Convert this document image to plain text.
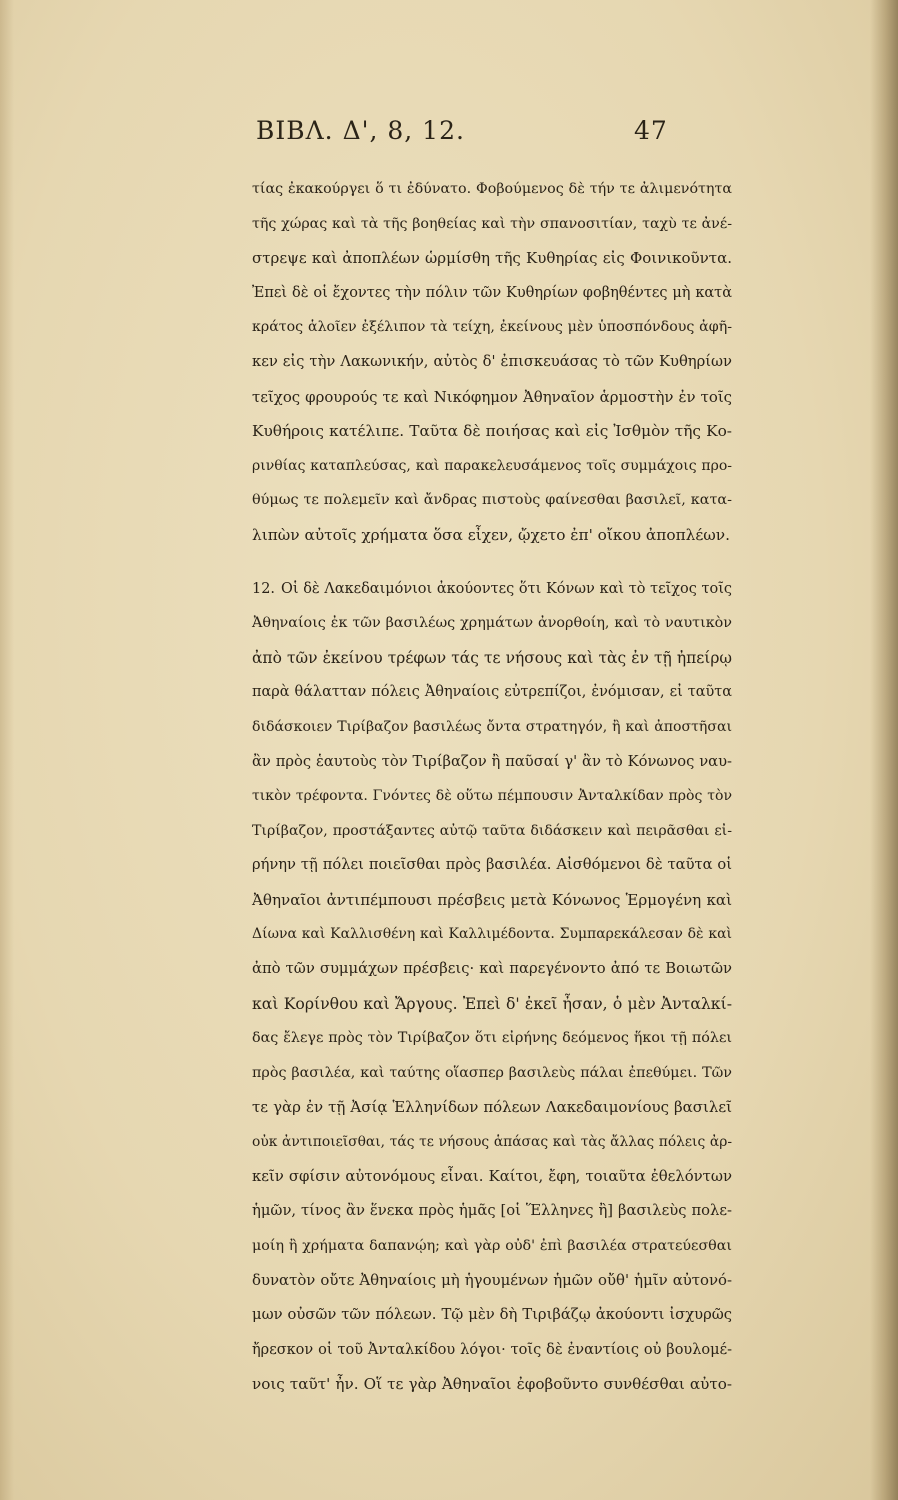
ΒΙΒΛ. Δ', 8, 12.	47
τίας ἐκακούργει ὅ τι ἐδύνατο. Φοβούμενος δὲ τήν τε ἀλιμενότητα
τῆς χώρας καὶ τὰ τῆς βοηθείας καὶ τὴν σπανοσιτίαν, ταχὺ τε ἀνέ-
στρεψε καὶ ἀποπλέων ὡρμίσθη τῆς Κυθηρίας εἰς Φοινικοῦντα.
Ἐπεὶ δὲ οἱ ἔχοντες τὴν πόλιν τῶν Κυθηρίων φοβηθέντες μὴ κατὰ
κράτος ἁλοῖεν ἐξέλιπον τὰ τείχη, ἐκείνους μὲν ὑποσπόνδους ἀφῆ-
κεν εἰς τὴν Λακωνικήν, αὐτὸς δ' ἐπισκευάσας τὸ τῶν Κυθηρίων
τεῖχος φρουρούς τε καὶ Νικόφημον Ἀθηναῖον ἁρμοστὴν ἐν τοῖς
Κυθήροις κατέλιπε. Ταῦτα δὲ ποιήσας καὶ εἰς Ἰσθμὸν τῆς Κο-
ρινθίας καταπλεύσας, καὶ παρακελευσάμενος τοῖς συμμάχοις προ-
θύμως τε πολεμεῖν καὶ ἄνδρας πιστοὺς φαίνεσθαι βασιλεῖ, κατα-
λιπὼν αὐτοῖς χρήματα ὅσα εἶχεν, ᾤχετο ἐπ' οἴκου ἀποπλέων.
12. Οἱ δὲ Λακεδαιμόνιοι ἀκούοντες ὅτι Κόνων καὶ τὸ τεῖχος τοῖς
Ἀθηναίοις ἐκ τῶν βασιλέως χρημάτων ἀνορθοίη, καὶ τὸ ναυτικὸν
ἀπὸ τῶν ἐκείνου τρέφων τάς τε νήσους καὶ τὰς ἐν τῇ ἠπείρῳ
παρὰ θάλατταν πόλεις Ἀθηναίοις εὐτρεπίζοι, ἐνόμισαν, εἰ ταῦτα
διδάσκοιεν Τιρίβαζον βασιλέως ὄντα στρατηγόν, ἢ καὶ ἀποστῆσαι
ἂν πρὸς ἑαυτοὺς τὸν Τιρίβαζον ἢ παῦσαί γ' ἂν τὸ Κόνωνος ναυ-
τικὸν τρέφοντα. Γνόντες δὲ οὕτω πέμπουσιν Ἀνταλκίδαν πρὸς τὸν
Τιρίβαζον, προστάξαντες αὐτῷ ταῦτα διδάσκειν καὶ πειρᾶσθαι εἰ-
ρήνην τῇ πόλει ποιεῖσθαι πρὸς βασιλέα. Αἰσθόμενοι δὲ ταῦτα οἱ
Ἀθηναῖοι ἀντιπέμπουσι πρέσβεις μετὰ Κόνωνος Ἑρμογένη καὶ
Δίωνα καὶ Καλλισθένη καὶ Καλλιμέδοντα. Συμπαρεκάλεσαν δὲ καὶ
ἀπὸ τῶν συμμάχων πρέσβεις· καὶ παρεγένοντο ἀπό τε Βοιωτῶν
καὶ Κορίνθου καὶ Ἄργους. Ἐπεὶ δ' ἐκεῖ ἦσαν, ὁ μὲν Ἀνταλκί-
δας ἔλεγε πρὸς τὸν Τιρίβαζον ὅτι εἰρήνης δεόμενος ἥκοι τῇ πόλει
πρὸς βασιλέα, καὶ ταύτης οἵασπερ βασιλεὺς πάλαι ἐπεθύμει. Τῶν
τε γὰρ ἐν τῇ Ἀσίᾳ Ἑλληνίδων πόλεων Λακεδαιμονίους βασιλεῖ
οὐκ ἀντιποιεῖσθαι, τάς τε νήσους ἁπάσας καὶ τὰς ἄλλας πόλεις ἀρ-
κεῖν σφίσιν αὐτονόμους εἶναι. Καίτοι, ἔφη, τοιαῦτα ἐθελόντων
ἡμῶν, τίνος ἂν ἕνεκα πρὸς ἡμᾶς [οἱ Ἕλληνες ἢ] βασιλεὺς πολε-
μοίη ἢ χρήματα δαπανῴη; καὶ γὰρ οὐδ' ἐπὶ βασιλέα στρατεύεσθαι
δυνατὸν οὔτε Ἀθηναίοις μὴ ἡγουμένων ἡμῶν οὔθ' ἡμῖν αὐτονό-
μων οὐσῶν τῶν πόλεων. Τῷ μὲν δὴ Τιριβάζῳ ἀκούοντι ἰσχυρῶς
ἤρεσκον οἱ τοῦ Ἀνταλκίδου λόγοι· τοῖς δὲ ἐναντίοις οὐ βουλομέ-
νοις ταῦτ' ἦν. Οἵ τε γὰρ Ἀθηναῖοι ἐφοβοῦντο συνθέσθαι αὐτο-
